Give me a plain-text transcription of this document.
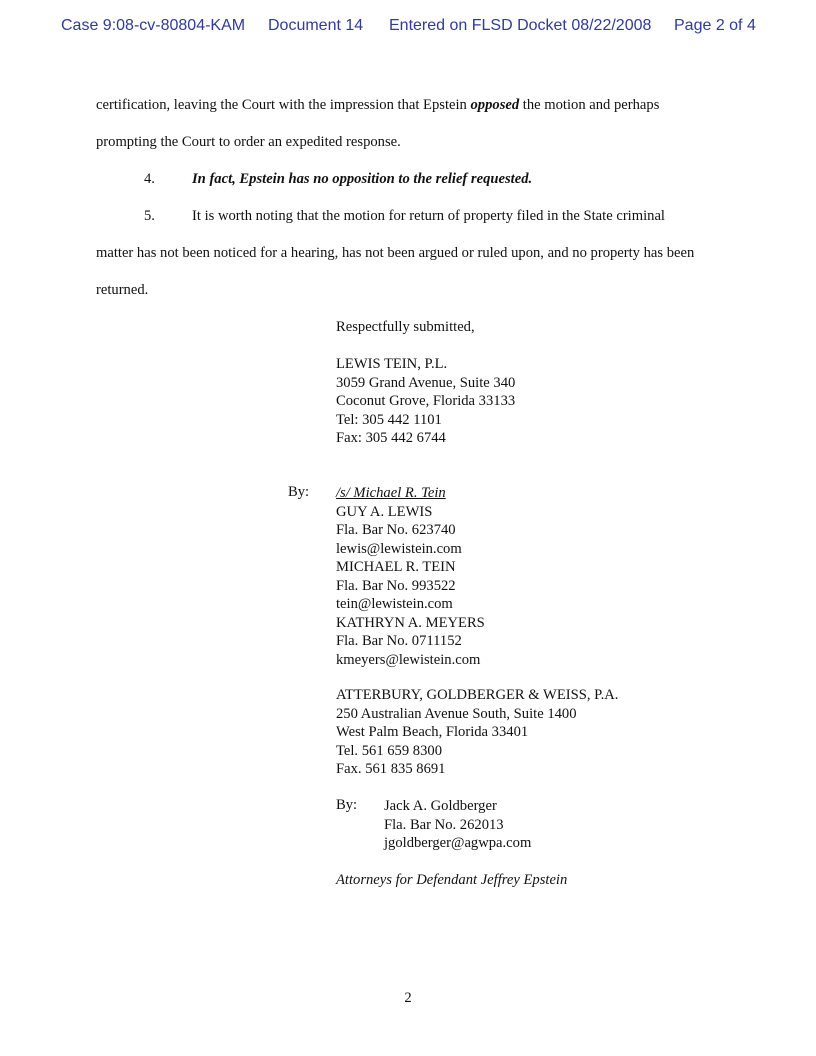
Case 9:08-cv-80804-KAM Document 14 Entered on FLSD Docket 08/22/2008 Page 2 of 4

certification, leaving the Court with the impression that Epstein opposed the motion and perhaps prompting the Court to order an expedited response.

4.	In fact, Epstein has no opposition to the relief requested.
5.	It is worth noting that the motion for return of property filed in the State criminal

matter has not been noticed for a hearing, has not been argued or ruled upon, and no property has been returned.

Respectfully submitted,
LEWIS TEIN, P.L.
3059 Grand Avenue, Suite 340
Coconut Grove, Florida 33133
Tel: 305 442 1101
Fax: 305 442 6744
By: /s/ Michael R. Tein
GUY A. LEWIS
Fla. Bar No. 623740
lewis@lewistein.com
MICHAEL R. TEIN
Fla. Bar No. 993522
tein@lewistein.com
KATHRYN A. MEYERS
Fla. Bar No. 0711152
kmeyers@lewistein.com
ATTERBURY, GOLDBERGER & WEISS, P.A.
250 Australian Avenue South, Suite 1400
West Palm Beach, Florida 33401
Tel. 561 659 8300
Fax. 561 835 8691
By: Jack A. Goldberger
Fla. Bar No. 262013
jgoldberger@agwpa.com
Attorneys for Defendant Jeffrey Epstein
2
